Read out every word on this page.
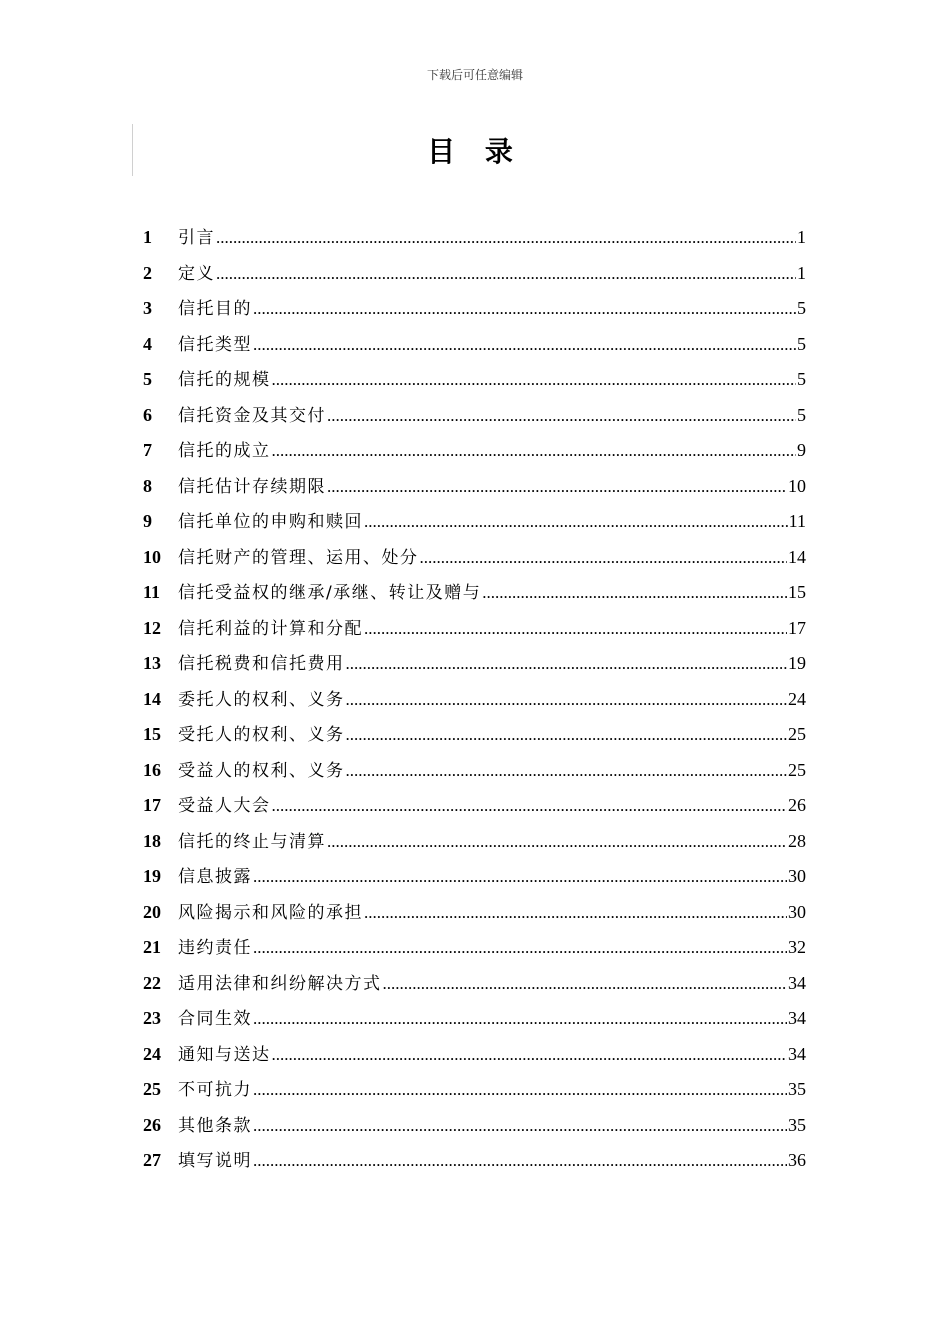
下载后可任意编辑
目 录
1	引言 .....	1
2	定义 .....	1
3	信托目的 .....	5
4	信托类型 .....	5
5	信托的规模 .....	5
6	信托资金及其交付 .....	5
7	信托的成立 .....	9
8	信托估计存续期限 .....	10
9	信托单位的申购和赎回 .....	11
10	信托财产的管理、运用、处分 .....	14
11	信托受益权的继承/承继、转让及赠与 .....	15
12	信托利益的计算和分配 .....	17
13	信托税费和信托费用 .....	19
14	委托人的权利、义务 .....	24
15	受托人的权利、义务 .....	25
16	受益人的权利、义务 .....	25
17	受益人大会 .....	26
18	信托的终止与清算 .....	28
19	信息披露 .....	30
20	风险揭示和风险的承担 .....	30
21	违约责任 .....	32
22	适用法律和纠纷解决方式 .....	34
23	合同生效 .....	34
24	通知与送达 .....	34
25	不可抗力 .....	35
26	其他条款 .....	35
27	填写说明 .....	36
